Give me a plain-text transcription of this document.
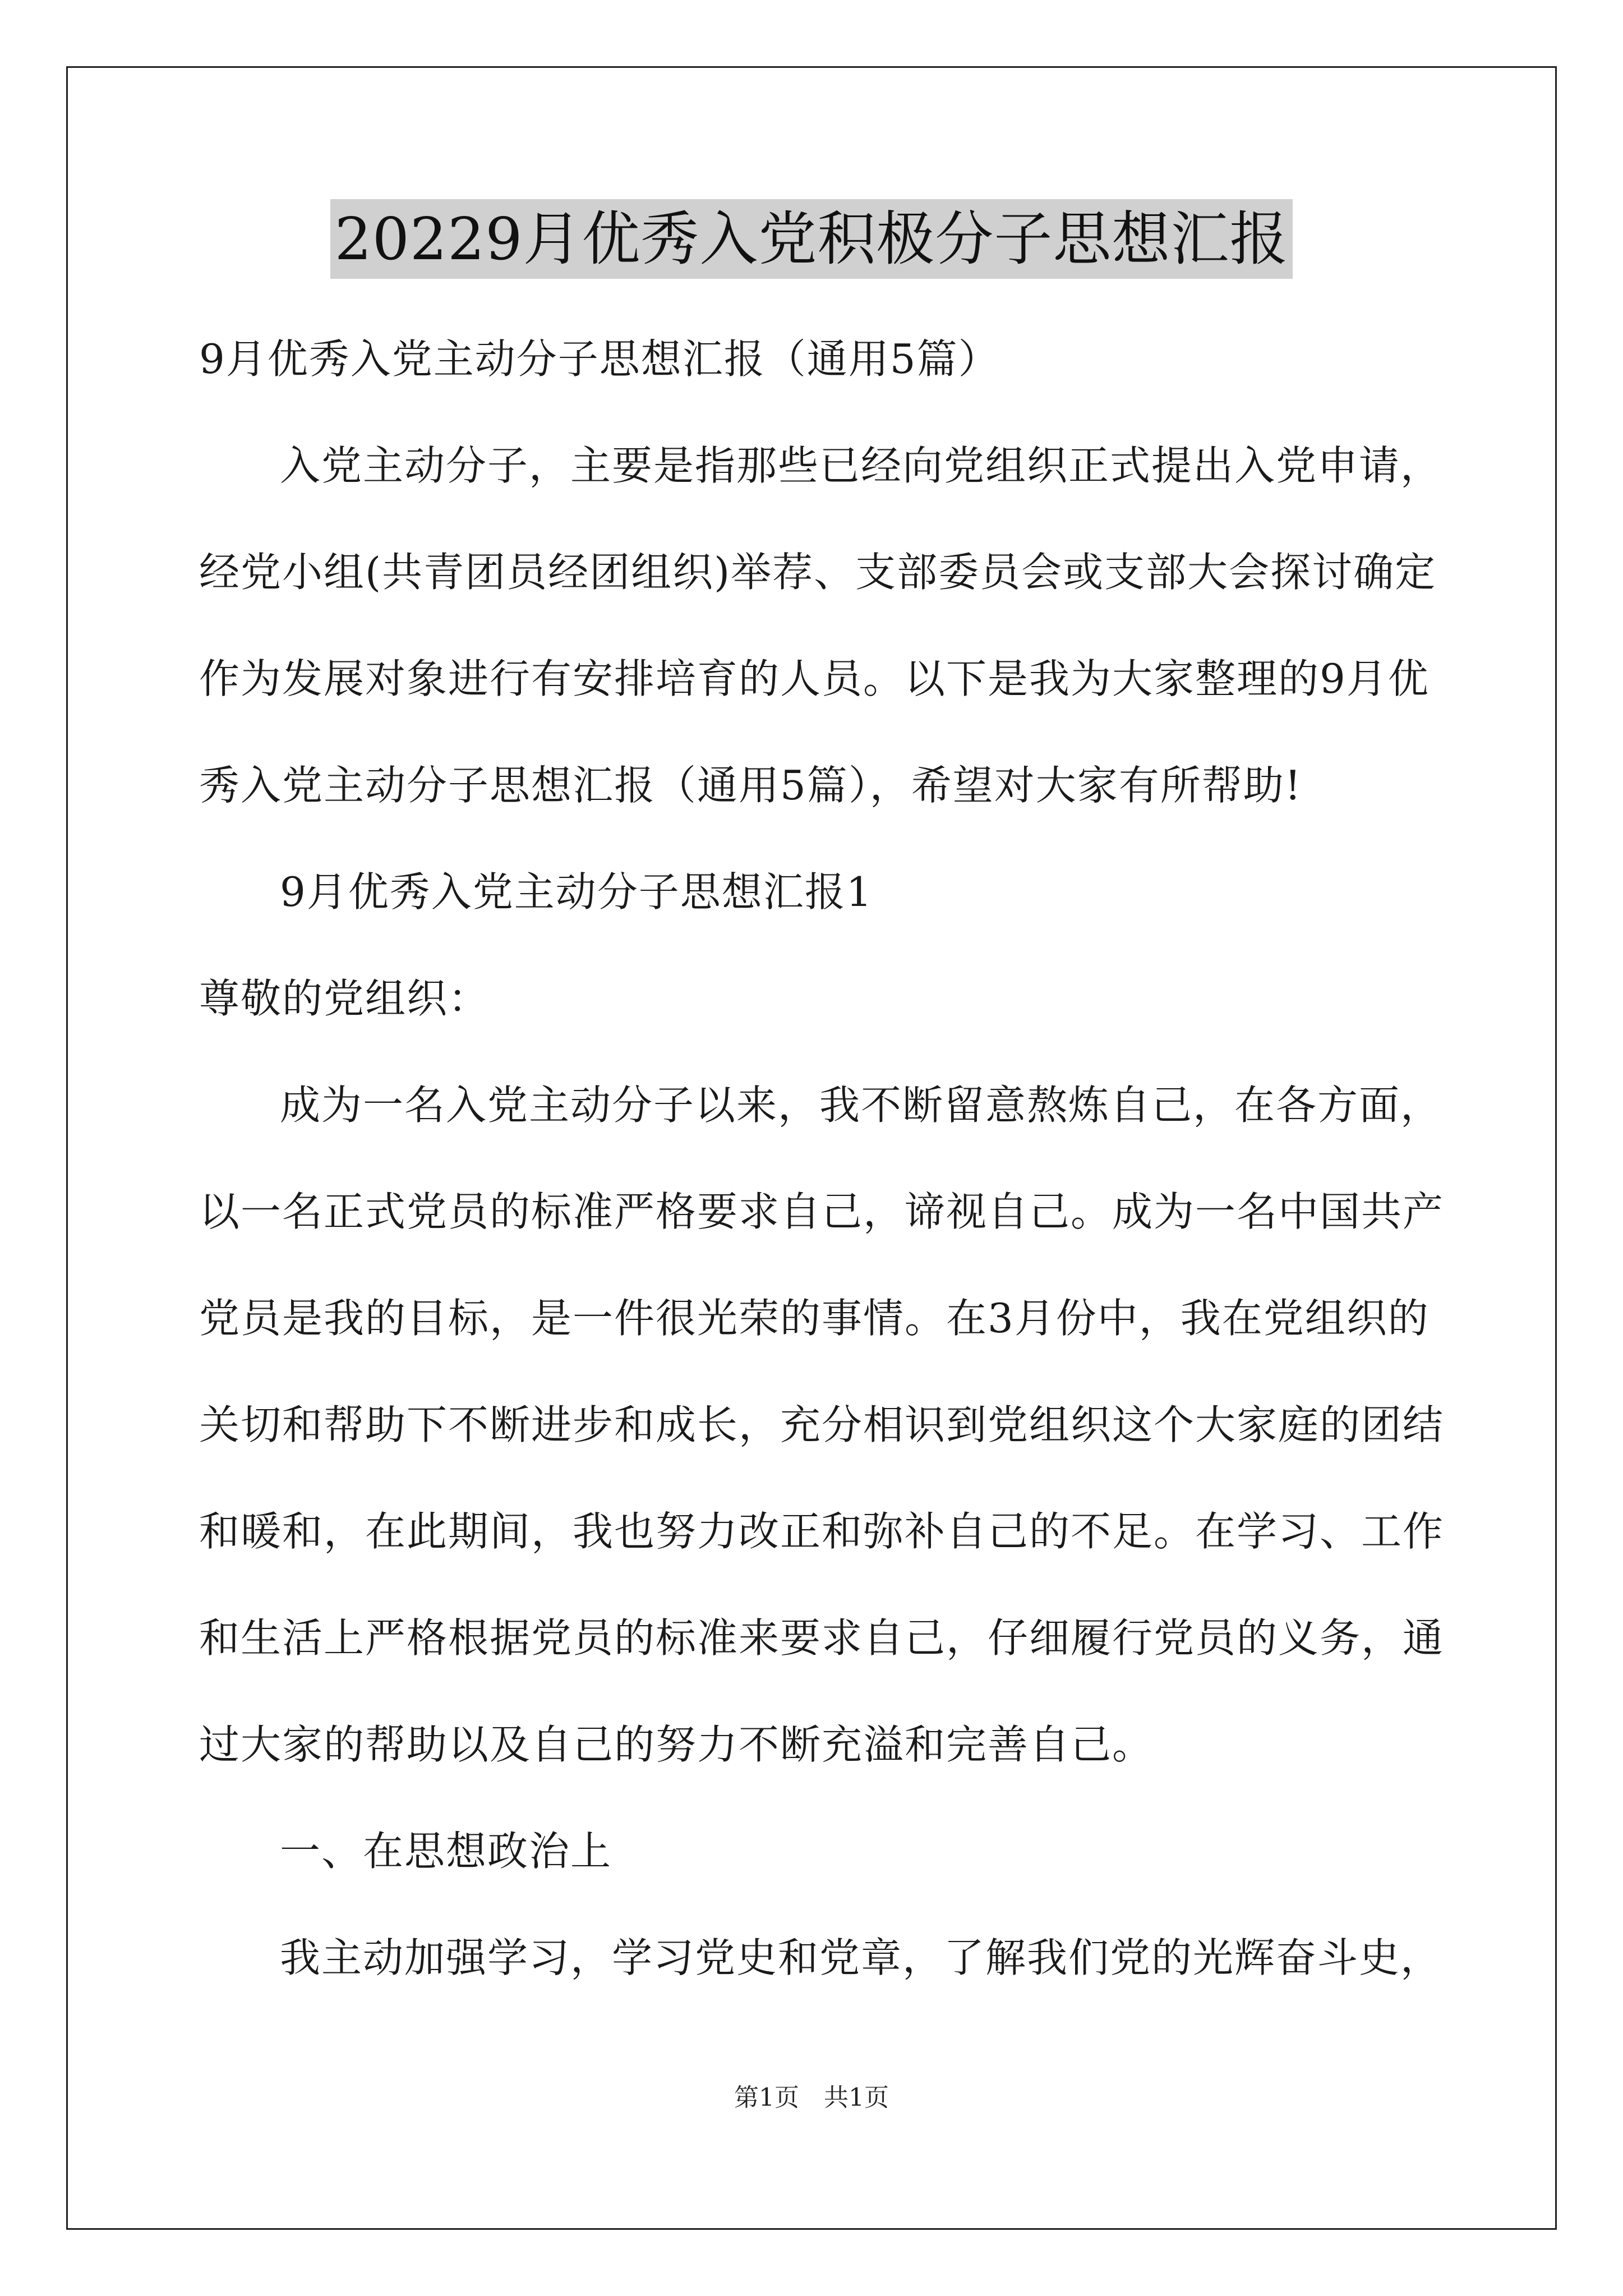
20229月优秀入党积极分子思想汇报
9月优秀入党主动分子思想汇报（通用5篇）
入党主动分子，主要是指那些已经向党组织正式提出入党申请，
经党小组(共青团员经团组织)举荐、支部委员会或支部大会探讨确定
作为发展对象进行有安排培育的人员。以下是我为大家整理的9月优
秀入党主动分子思想汇报（通用5篇），希望对大家有所帮助!
9月优秀入党主动分子思想汇报1
尊敬的党组织：
成为一名入党主动分子以来，我不断留意熬炼自己，在各方面，
以一名正式党员的标准严格要求自己，谛视自己。成为一名中国共产
党员是我的目标，是一件很光荣的事情。在3月份中，我在党组织的
关切和帮助下不断进步和成长，充分相识到党组织这个大家庭的团结
和暖和，在此期间，我也努力改正和弥补自己的不足。在学习、工作
和生活上严格根据党员的标准来要求自己，仔细履行党员的义务，通
过大家的帮助以及自己的努力不断充溢和完善自己。
一、在思想政治上
我主动加强学习，学习党史和党章，了解我们党的光辉奋斗史，
第1页　共1页
